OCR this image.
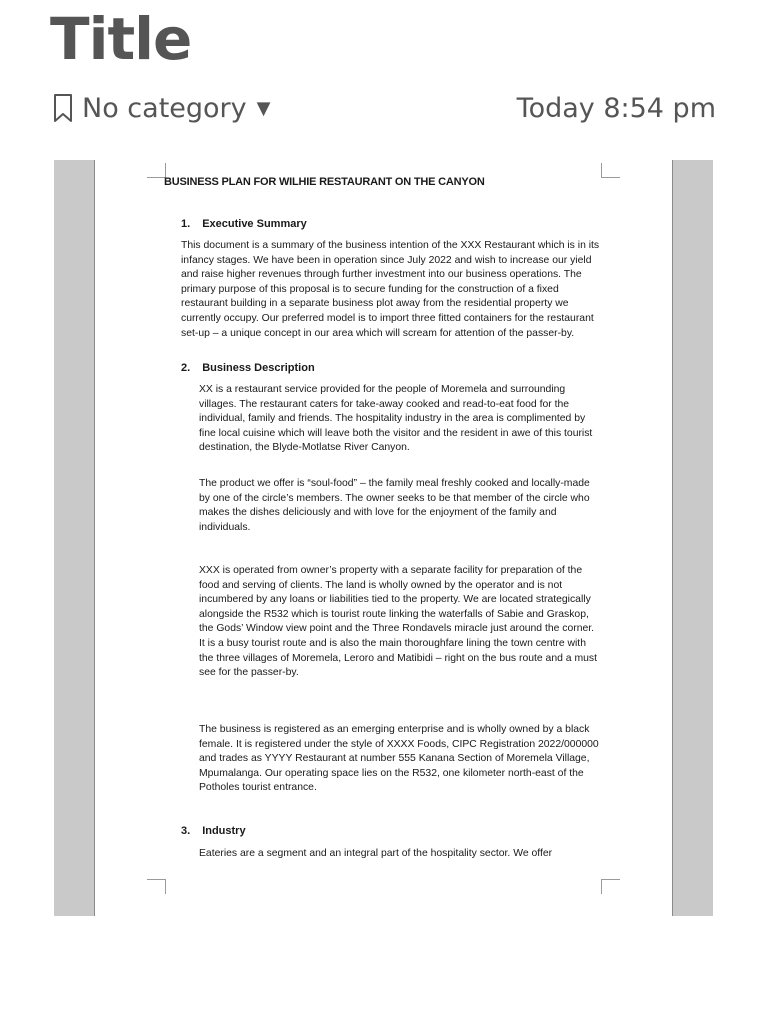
Title
No category ▼	Today 8:54 pm
BUSINESS PLAN FOR WILHIE RESTAURANT ON THE CANYON
1. Executive Summary

This document is a summary of the business intention of the XXX Restaurant which is in its infancy stages. We have been in operation since July 2022 and wish to increase our yield and raise higher revenues through further investment into our business operations. The primary purpose of this proposal is to secure funding for the construction of a fixed restaurant building in a separate business plot away from the residential property we currently occupy. Our preferred model is to import three fitted containers for the restaurant set-up – a unique concept in our area which will scream for attention of the passer-by.

2. Business Description

XX is a restaurant service provided for the people of Moremela and surrounding villages. The restaurant caters for take-away cooked and read-to-eat food for the individual, family and friends. The hospitality industry in the area is complimented by fine local cuisine which will leave both the visitor and the resident in awe of this tourist destination, the Blyde-Motlatse River Canyon.

The product we offer is “soul-food” – the family meal freshly cooked and locally-made by one of the circle’s members. The owner seeks to be that member of the circle who makes the dishes deliciously and with love for the enjoyment of the family and individuals.

XXX is operated from owner’s property with a separate facility for preparation of the food and serving of clients. The land is wholly owned by the operator and is not incumbered by any loans or liabilities tied to the property. We are located strategically alongside the R532 which is tourist route linking the waterfalls of Sabie and Graskop, the Gods’ Window view point and the Three Rondavels miracle just around the corner. It is a busy tourist route and is also the main thoroughfare lining the town centre with the three villages of Moremela, Leroro and Matibidi – right on the bus route and a must see for the passer-by.

The business is registered as an emerging enterprise and is wholly owned by a black female. It is registered under the style of XXXX Foods, CIPC Registration 2022/000000 and trades as YYYY Restaurant at number 555 Kanana Section of Moremela Village, Mpumalanga. Our operating space lies on the R532, one kilometer north-east of the Potholes tourist entrance.

3. Industry

Eateries are a segment and an integral part of the hospitality sector. We offer
